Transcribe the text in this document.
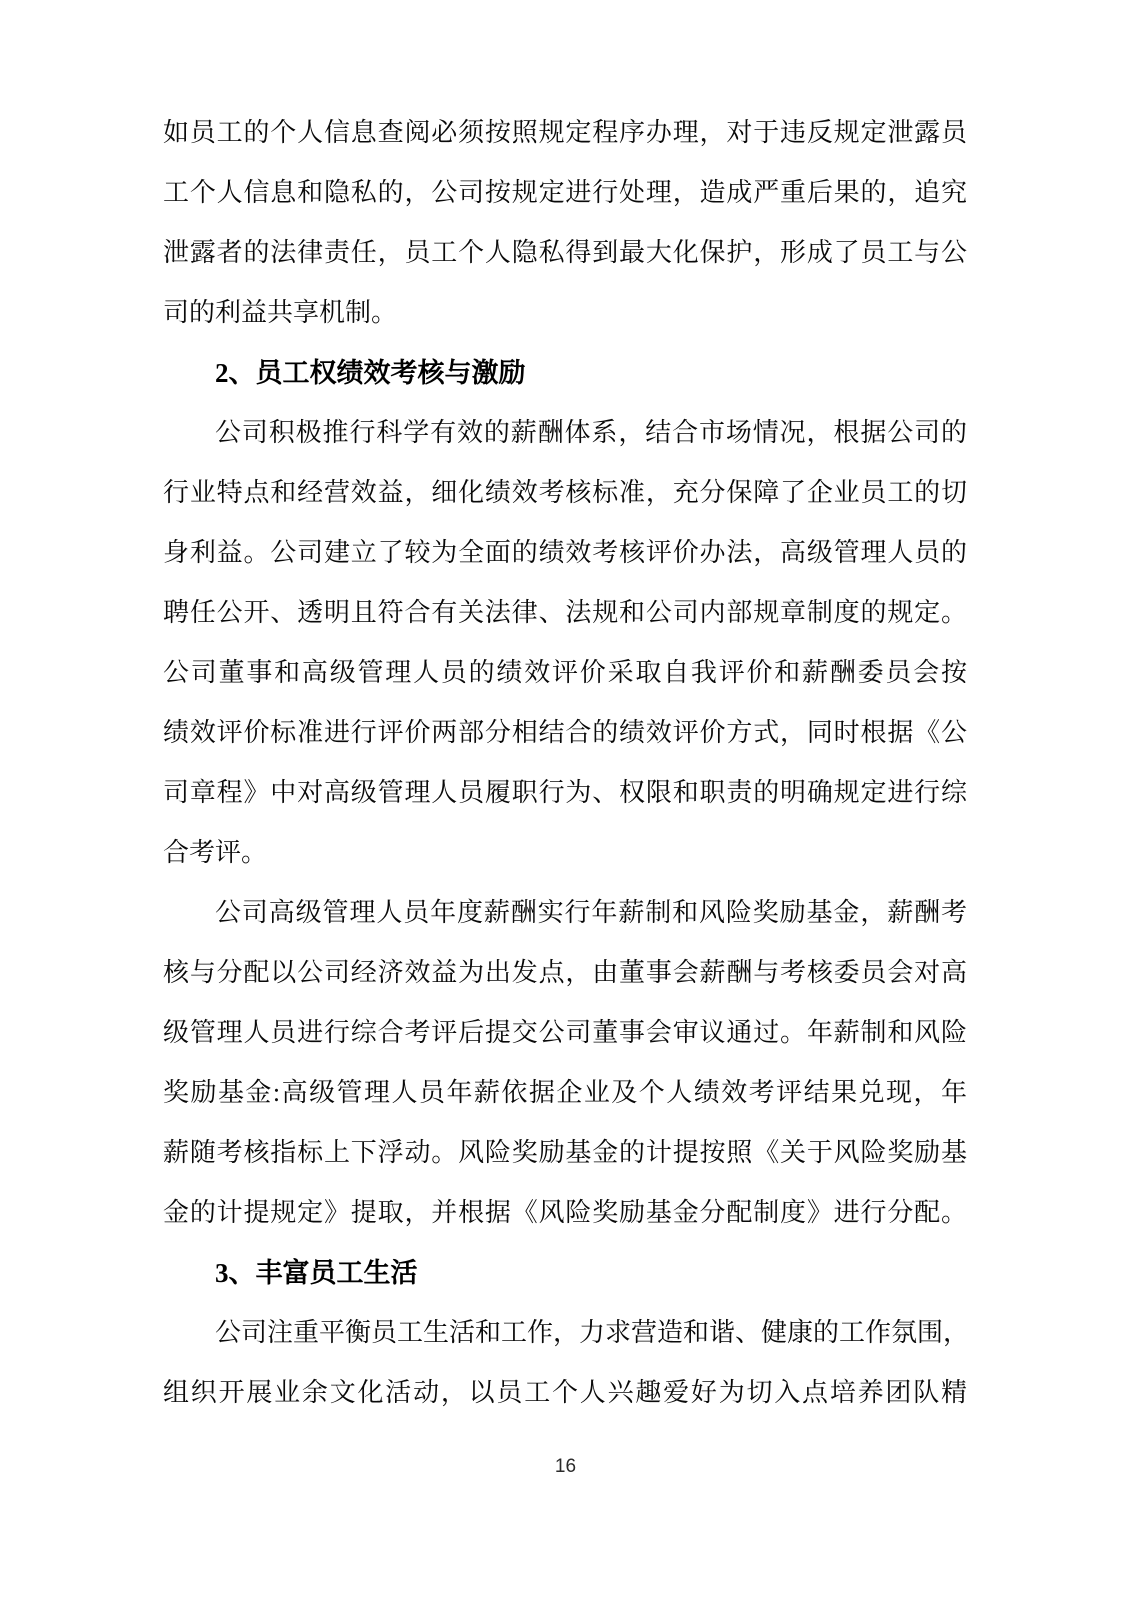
如员工的个人信息查阅必须按照规定程序办理，对于违反规定泄露员
工个人信息和隐私的，公司按规定进行处理，造成严重后果的，追究
泄露者的法律责任，员工个人隐私得到最大化保护，形成了员工与公
司的利益共享机制。
2、员工权绩效考核与激励
公司积极推行科学有效的薪酬体系，结合市场情况，根据公司的
行业特点和经营效益，细化绩效考核标准，充分保障了企业员工的切
身利益。公司建立了较为全面的绩效考核评价办法，高级管理人员的
聘任公开、透明且符合有关法律、法规和公司内部规章制度的规定。
公司董事和高级管理人员的绩效评价采取自我评价和薪酬委员会按
绩效评价标准进行评价两部分相结合的绩效评价方式，同时根据《公
司章程》中对高级管理人员履职行为、权限和职责的明确规定进行综
合考评。
公司高级管理人员年度薪酬实行年薪制和风险奖励基金，薪酬考
核与分配以公司经济效益为出发点，由董事会薪酬与考核委员会对高
级管理人员进行综合考评后提交公司董事会审议通过。年薪制和风险
奖励基金:高级管理人员年薪依据企业及个人绩效考评结果兑现，年
薪随考核指标上下浮动。风险奖励基金的计提按照《关于风险奖励基
金的计提规定》提取，并根据《风险奖励基金分配制度》进行分配。
3、丰富员工生活
公司注重平衡员工生活和工作，力求营造和谐、健康的工作氛围，
组织开展业余文化活动，以员工个人兴趣爱好为切入点培养团队精
16
